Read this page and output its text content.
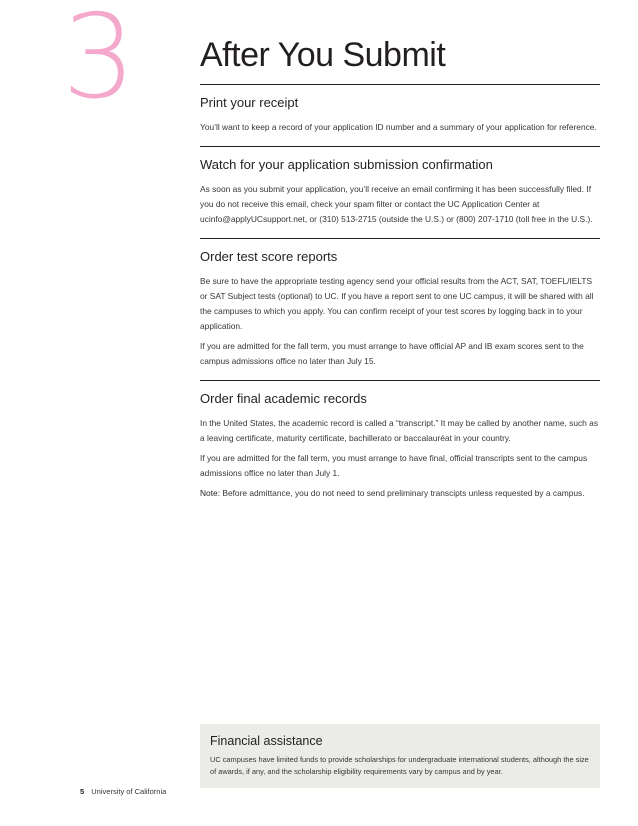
3 After You Submit
Print your receipt

You’ll want to keep a record of your application ID number and a summary of your application for reference.

Watch for your application submission confirmation

As soon as you submit your application, you’ll receive an email confirming it has been successfully filed. If you do not receive this email, check your spam filter or contact the UC Application Center at ucinfo@applyUCsupport.net, or (310) 513-2715 (outside the U.S.) or (800) 207-1710 (toll free in the U.S.).

Order test score reports

Be sure to have the appropriate testing agency send your official results from the ACT, SAT, TOEFL/IELTS or SAT Subject tests (optional) to UC. If you have a report sent to one UC campus, it will be shared with all the campuses to which you apply. You can confirm receipt of your test scores by logging back in to your application.

If you are admitted for the fall term, you must arrange to have official AP and IB exam scores sent to the campus admissions office no later than July 15.

Order final academic records

In the United States, the academic record is called a “transcript.” It may be called by another name, such as a leaving certificate, maturity certificate, bachillerato or baccalauréat in your country.

If you are admitted for the fall term, you must arrange to have final, official transcripts sent to the campus admissions office no later than July 1.

Note: Before admittance, you do not need to send preliminary transcipts unless requested by a campus.

Financial assistance

UC campuses have limited funds to provide scholarships for undergraduate international students, although the size of awards, if any, and the scholarship eligibility requirements vary by campus and by year.

5 University of California
